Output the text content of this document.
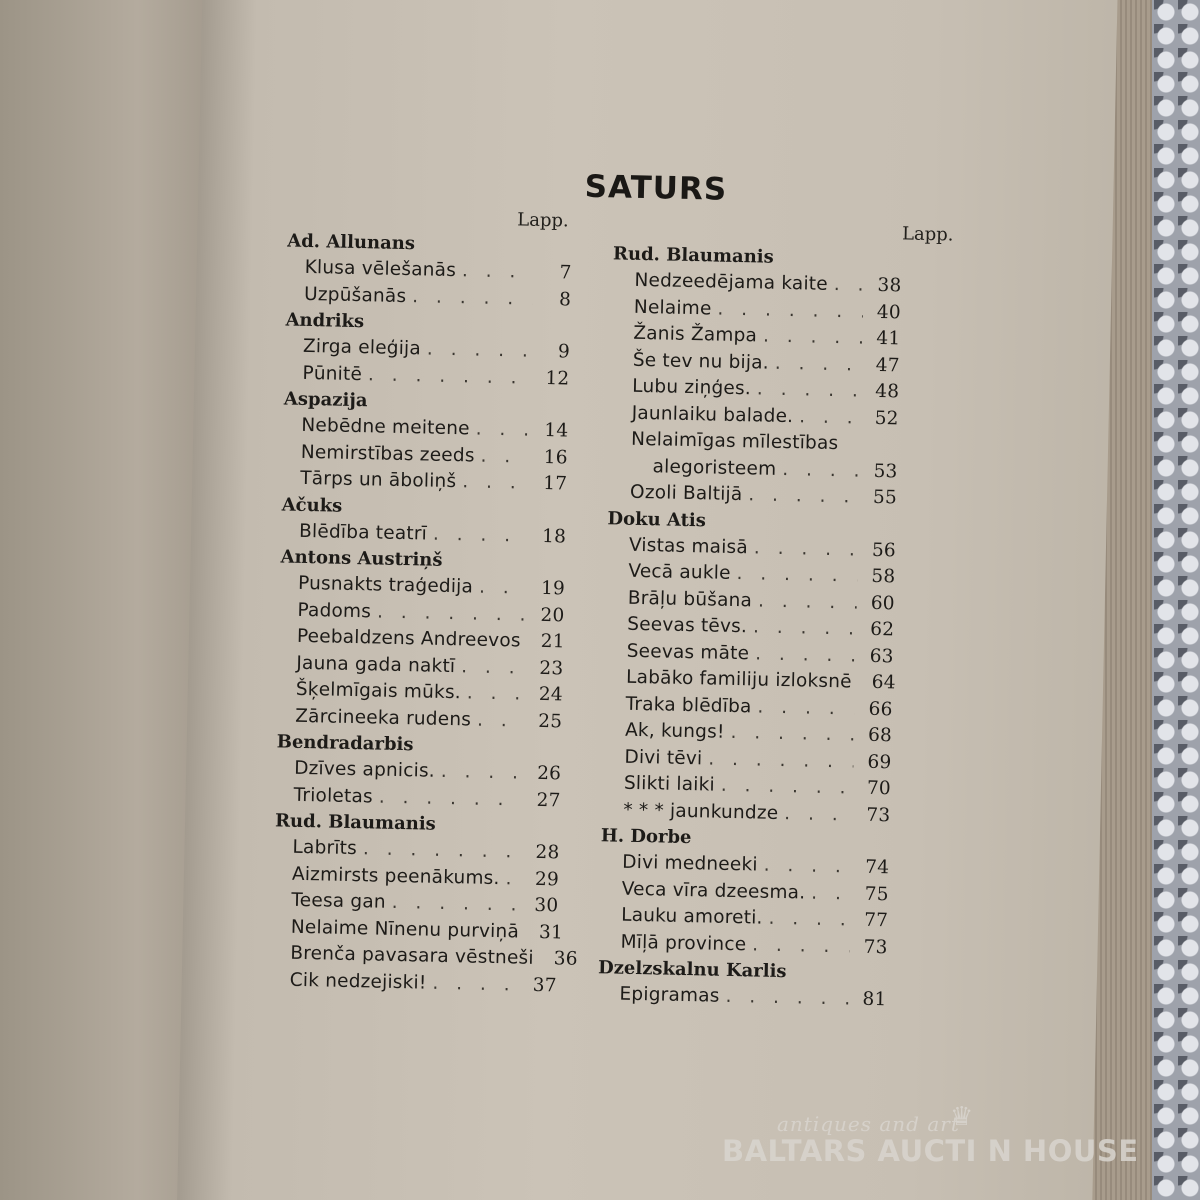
SATURS
Lapp.
Ad. Allunans
Klusa vēlešanās . . .	7
Uzpūšanās . . .	8
Andriks
Zirga eleģija . . .	9
Pūnitē . . .	12
Aspazija
Nebēdne meitene . . .	14
Nemirstības zeeds . . .	16
Tārps un āboliņš . . .	17
Ačuks
Blēdība teatrī . . .	18
Antons Austriņš
Pusnakts traģedija . . .	19
Padoms . . .	20
Peebaldzens Andreevos . . .	21
Jauna gada naktī . . .	23
Šķelmīgais mūks. . . .	24
Zārcineeka rudens . . .	25
Bendradarbis
Dzīves apnicis. . . .	26
Trioletas . . .	27
Rud. Blaumanis
Labrīts . . .	28
Aizmirsts peenākums. . . .	29
Teesa gan . . .	30
Nelaime Nīnenu purviņā . . .	31
Brenča pavasara vēstneši . . .	36
Cik nedzejiski! . . .	37
Lapp.
Rud. Blaumanis
Nedzeedējama kaite . . .	38
Nelaime . . .	40
Žanis Žampa . . .	41
Še tev nu bija. . . .	47
Lubu ziņģes. . . .	48
Jaunlaiku balade. . . .	52
Nelaimīgas mīlestības
alegoristeem . . .	53
Ozoli Baltijā . . .	55
Doku Atis
Vistas maisā . . .	56
Vecā aukle . . .	58
Brāļu būšana . . .	60
Seevas tēvs. . . .	62
Seevas māte . . .	63
Labāko familiju izloksnē . . .	64
Traka blēdība . . .	66
Ak, kungs! . . .	68
Divi tēvi . . .	69
Slikti laiki . . .	70
* * * jaunkundze . . .	73
H. Dorbe
Divi medneeki . . .	74
Veca vīra dzeesma. . . .	75
Lauku amoreti. . . .	77
Mīļā province . . .	73
Dzelzskalnu Karlis
Epigramas . . .	81
antiques and art
♛
BALTARS AUCTI N HOUSE
